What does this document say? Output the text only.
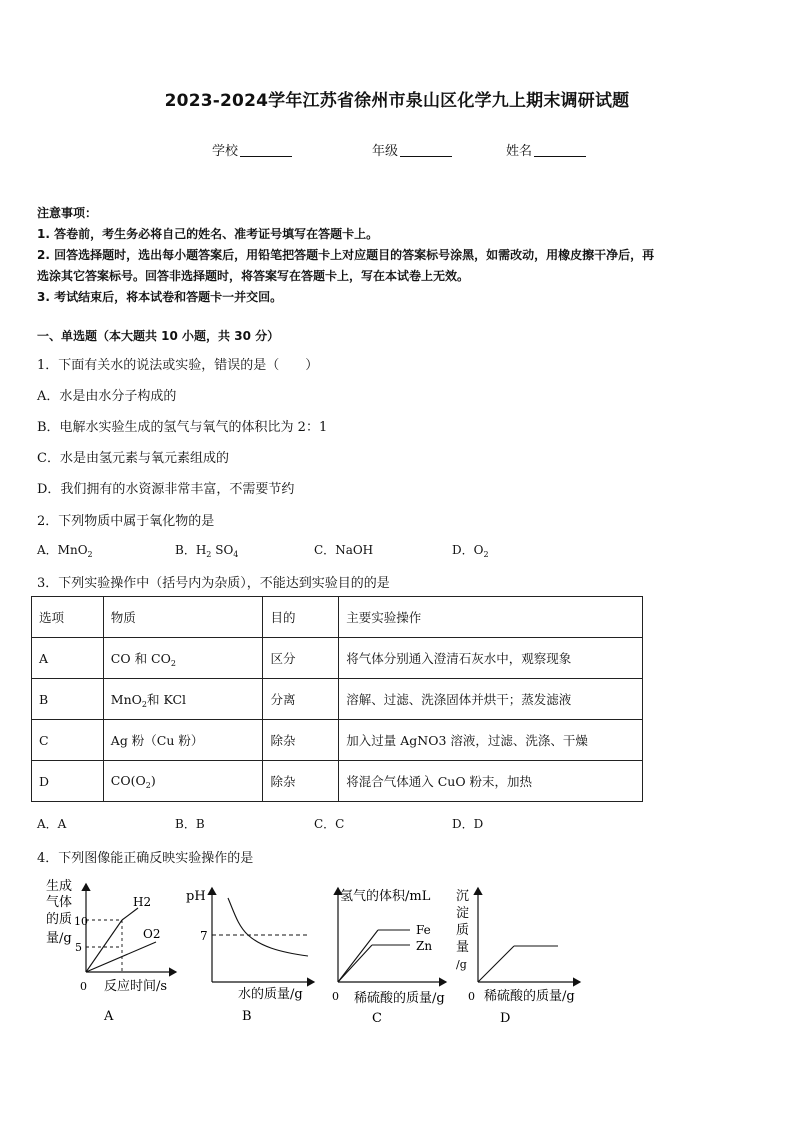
2023-2024学年江苏省徐州市泉山区化学九上期末调研试题
学校	年级	姓名

注意事项：

1. 答卷前，考生务必将自己的姓名、准考证号填写在答题卡上。

2. 回答选择题时，选出每小题答案后，用铅笔把答题卡上对应题目的答案标号涂黑，如需改动，用橡皮擦干净后，再

选涂其它答案标号。回答非选择题时，将答案写在答题卡上，写在本试卷上无效。

3. 考试结束后，将本试卷和答题卡一并交回。

一、单选题（本大题共 10 小题，共 30 分）
1．下面有关水的说法或实验，错误的是（　　）
A．水是由水分子构成的
B．电解水实验生成的氢气与氧气的体积比为 2：1
C．水是由氢元素与氧元素组成的
D．我们拥有的水资源非常丰富，不需要节约
2．下列物质中属于氧化物的是
A．MnO$_2$	B．$H_2$ $SO_4$	C．NaOH	D．$O_2$
3．下列实验操作中（括号内为杂质），不能达到实验目的的是
选项	物质	目的	主要实验操作
A	CO 和 $CO_2$	区分	将气体分别通入澄清石灰水中，观察现象
B	MnO$_2$和 KCl	分离	溶解、过滤、洗涤固体并烘干；蒸发滤液
C	Ag 粉（Cu 粉）	除杂	加入过量 AgNO3 溶液，过滤、洗涤、干燥
D	$CO(O_2)$	除杂	将混合气体通入 CuO 粉末，加热
A．A	B．B	C．C	D．D
4．下列图像能正确反映实验操作的是
生成
气体
的质
量/g
10
5
H2
O2
0 反应时间/s
A
pH
7
水的质量/g
B
氢气的体积/mL
Fe
Zn
0 稀硫酸的质量/g
C
沉
淀
质
量
/g
0 稀硫酸的质量/g
D
